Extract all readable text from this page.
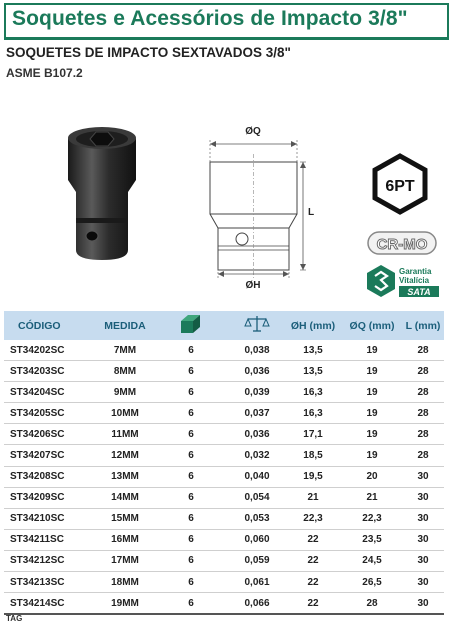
Soquetes e Acessórios de Impacto 3/8"
SOQUETES DE IMPACTO SEXTAVADOS 3/8"
ASME B107.2
ØQ
L
ØH
6PT
CR-MO
Garantia
Vitalícia
SATA
CÓDIGO	MEDIDA			ØH (mm)	ØQ (mm)	L (mm)
ST34202SC	7MM	6	0,038	13,5	19	28
ST34203SC	8MM	6	0,036	13,5	19	28
ST34204SC	9MM	6	0,039	16,3	19	28
ST34205SC	10MM	6	0,037	16,3	19	28
ST34206SC	11MM	6	0,036	17,1	19	28
ST34207SC	12MM	6	0,032	18,5	19	28
ST34208SC	13MM	6	0,040	19,5	20	30
ST34209SC	14MM	6	0,054	21	21	30
ST34210SC	15MM	6	0,053	22,3	22,3	30
ST34211SC	16MM	6	0,060	22	23,5	30
ST34212SC	17MM	6	0,059	22	24,5	30
ST34213SC	18MM	6	0,061	22	26,5	30
ST34214SC	19MM	6	0,066	22	28	30
TAG
